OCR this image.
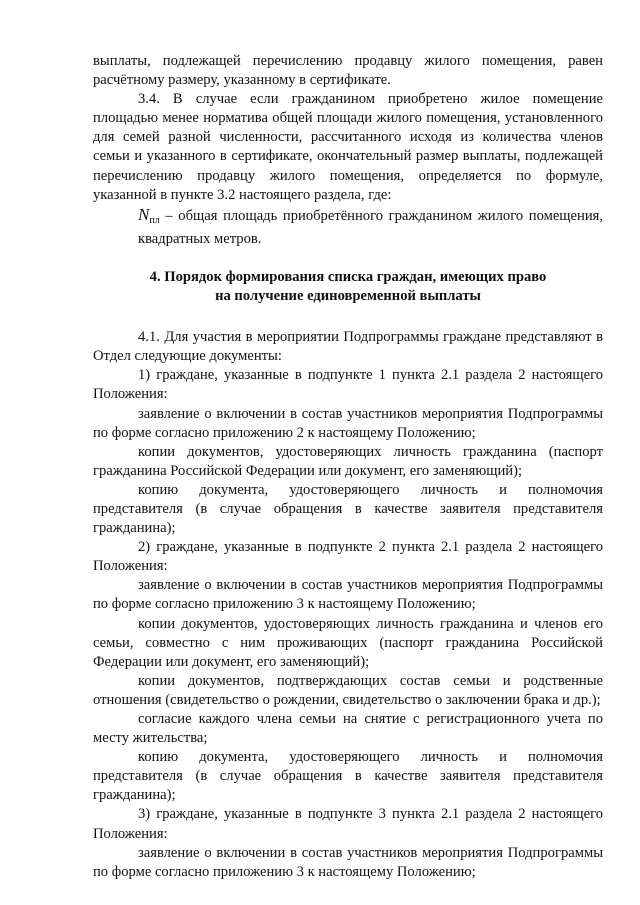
выплаты, подлежащей перечислению продавцу жилого помещения, равен расчётному размеру, указанному в сертификате.

3.4. В случае если гражданином приобретено жилое помещение площадью менее норматива общей площади жилого помещения, установленного для семей разной численности, рассчитанного исходя из количества членов семьи и указанного в сертификате, окончательный размер выплаты, подлежащей перечислению продавцу жилого помещения, определяется по формуле, указанной в пункте 3.2 настоящего раздела, где:

$N_{пл}$ – общая площадь приобретённого гражданином жилого помещения, квадратных метров.

4. Порядок формирования списка граждан, имеющих право
на получение единовременной выплаты

4.1. Для участия в мероприятии Подпрограммы граждане представляют в Отдел следующие документы:

1) граждане, указанные в подпункте 1 пункта 2.1 раздела 2 настоящего Положения:

заявление о включении в состав участников мероприятия Подпрограммы по форме согласно приложению 2 к настоящему Положению;

копии документов, удостоверяющих личность гражданина (паспорт гражданина Российской Федерации или документ, его заменяющий);

копию документа, удостоверяющего личность и полномочия представителя (в случае обращения в качестве заявителя представителя гражданина);

2) граждане, указанные в подпункте 2 пункта 2.1 раздела 2 настоящего Положения:

заявление о включении в состав участников мероприятия Подпрограммы по форме согласно приложению 3 к настоящему Положению;

копии документов, удостоверяющих личность гражданина и членов его семьи, совместно с ним проживающих (паспорт гражданина Российской Федерации или документ, его заменяющий);

копии документов, подтверждающих состав семьи и родственные отношения (свидетельство о рождении, свидетельство о заключении брака и др.);

согласие каждого члена семьи на снятие с регистрационного учета по месту жительства;

копию документа, удостоверяющего личность и полномочия представителя (в случае обращения в качестве заявителя представителя гражданина);

3) граждане, указанные в подпункте 3 пункта 2.1 раздела 2 настоящего Положения:

заявление о включении в состав участников мероприятия Подпрограммы по форме согласно приложению 3 к настоящему Положению;
